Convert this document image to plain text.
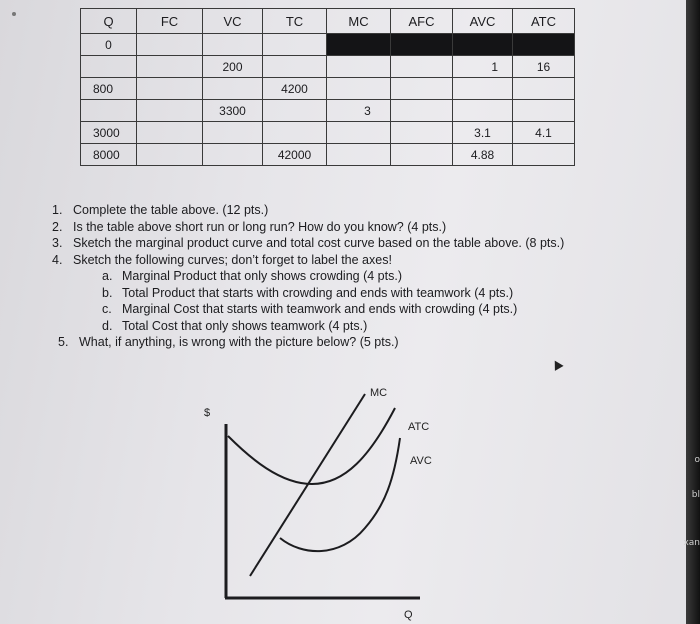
Q	FC	VC	TC	MC	AFC	AVC	ATC
0							
		200				1	16
800			4200				
		3300		3			
3000						3.1	4.1
8000			42000			4.88	
1. Complete the table above. (12 pts.)
2. Is the table above short run or long run? How do you know? (4 pts.)
3. Sketch the marginal product curve and total cost curve based on the table above. (8 pts.)
4. Sketch the following curves; don’t forget to label the axes!
a. Marginal Product that only shows crowding (4 pts.)
b. Total Product that starts with crowding and ends with teamwork (4 pts.)
c. Marginal Cost that starts with teamwork and ends with crowding (4 pts.)
d. Total Cost that only shows teamwork (4 pts.)
5. What, if anything, is wrong with the picture below? (5 pts.)
$
Q
MC
ATC
AVC	o
bl
xan
